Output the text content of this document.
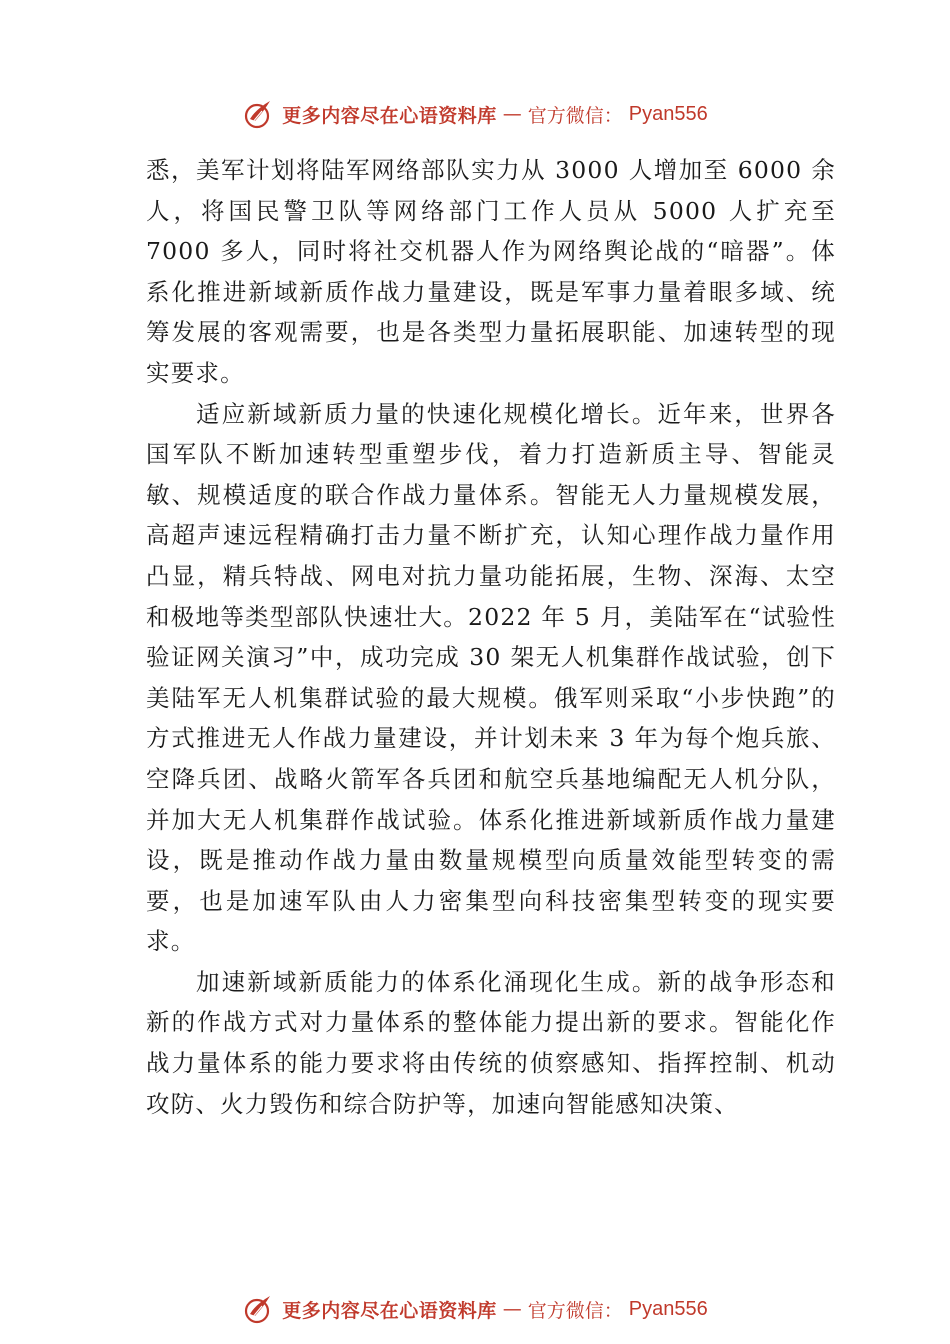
更多内容尽在心语资料库 — 官方微信： Pyan556

悉，美军计划将陆军网络部队实力从 3000 人增加至 6000 余人，将国民警卫队等网络部门工作人员从 5000 人扩充至 7000 多人，同时将社交机器人作为网络舆论战的“暗器”。体系化推进新域新质作战力量建设，既是军事力量着眼多域、统筹发展的客观需要，也是各类型力量拓展职能、加速转型的现实要求。

适应新域新质力量的快速化规模化增长。近年来，世界各国军队不断加速转型重塑步伐，着力打造新质主导、智能灵敏、规模适度的联合作战力量体系。智能无人力量规模发展，高超声速远程精确打击力量不断扩充，认知心理作战力量作用凸显，精兵特战、网电对抗力量功能拓展，生物、深海、太空和极地等类型部队快速壮大。2022 年 5 月，美陆军在“试验性验证网关演习”中，成功完成 30 架无人机集群作战试验，创下美陆军无人机集群试验的最大规模。俄军则采取“小步快跑”的方式推进无人作战力量建设，并计划未来 3 年为每个炮兵旅、空降兵团、战略火箭军各兵团和航空兵基地编配无人机分队，并加大无人机集群作战试验。体系化推进新域新质作战力量建设，既是推动作战力量由数量规模型向质量效能型转变的需要，也是加速军队由人力密集型向科技密集型转变的现实要求。

加速新域新质能力的体系化涌现化生成。新的战争形态和新的作战方式对力量体系的整体能力提出新的要求。智能化作战力量体系的能力要求将由传统的侦察感知、指挥控制、机动攻防、火力毁伤和综合防护等，加速向智能感知决策、

更多内容尽在心语资料库 — 官方微信： Pyan556
